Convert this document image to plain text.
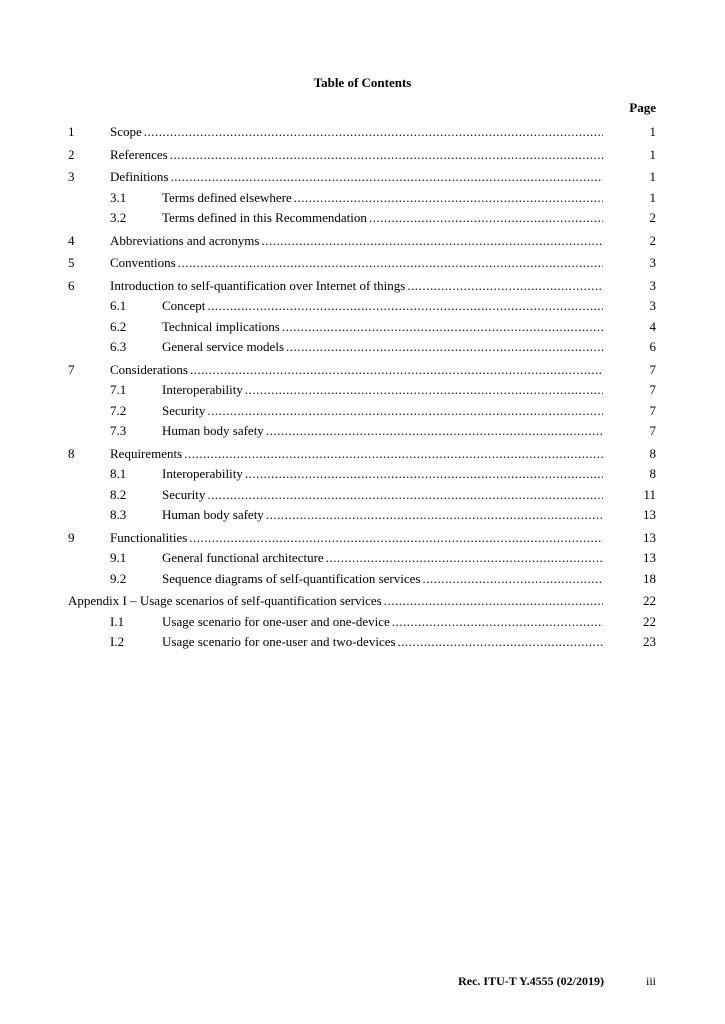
Table of Contents
Page
1	Scope .....	1
2	References .....	1
3	Definitions .....	1
3.1	Terms defined elsewhere .....	1
3.2	Terms defined in this Recommendation .....	2
4	Abbreviations and acronyms .....	2
5	Conventions .....	3
6	Introduction to self-quantification over Internet of things .....	3
6.1	Concept .....	3
6.2	Technical implications .....	4
6.3	General service models .....	6
7	Considerations .....	7
7.1	Interoperability .....	7
7.2	Security .....	7
7.3	Human body safety .....	7
8	Requirements .....	8
8.1	Interoperability .....	8
8.2	Security .....	11
8.3	Human body safety .....	13
9	Functionalities .....	13
9.1	General functional architecture .....	13
9.2	Sequence diagrams of self-quantification services .....	18
Appendix I – Usage scenarios of self-quantification services .....	22
I.1	Usage scenario for one-user and one-device .....	22
I.2	Usage scenario for one-user and two-devices .....	23
Rec. ITU-T Y.4555 (02/2019)	iii
